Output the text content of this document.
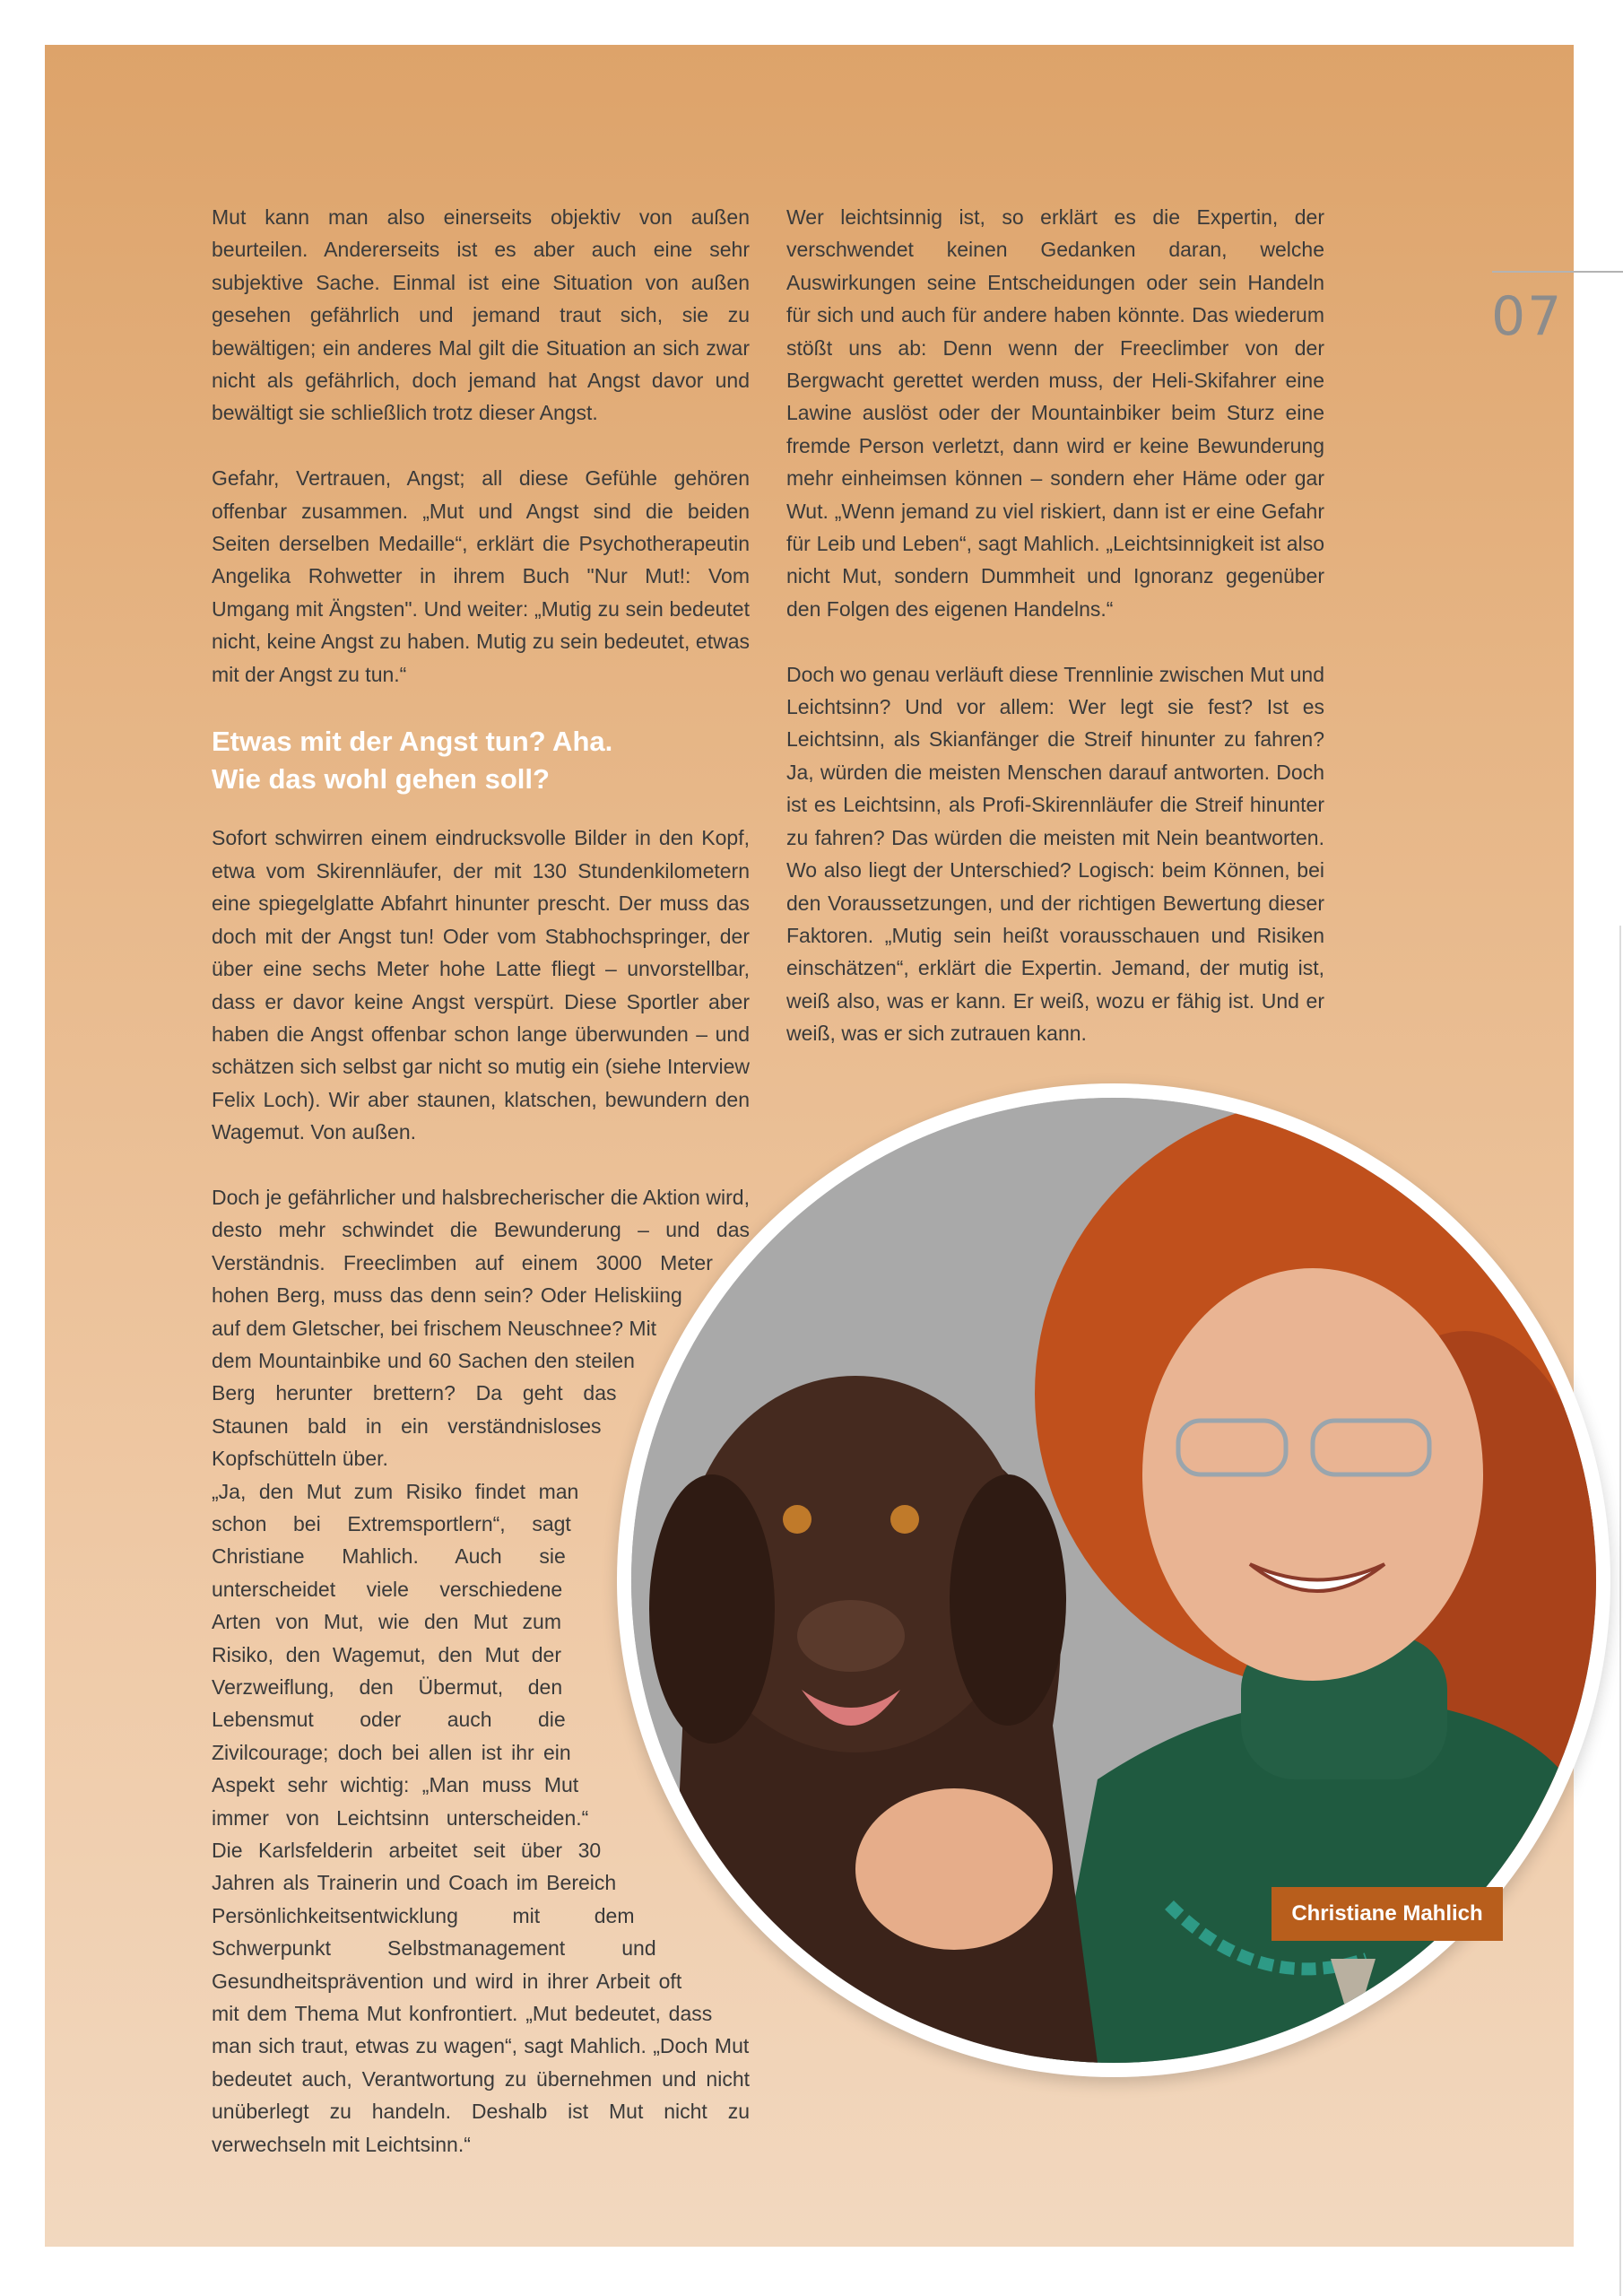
07
Christiane Mahlich

Mut kann man also einerseits objektiv von außen beurteilen. Andererseits ist es aber auch eine sehr subjektive Sache. Einmal ist eine Situation von außen gesehen gefährlich und jemand traut sich, sie zu bewältigen; ein anderes Mal gilt die Situation an sich zwar nicht als gefährlich, doch jemand hat Angst davor und bewältigt sie schließlich trotz dieser Angst.

Gefahr, Vertrauen, Angst; all diese Gefühle gehören offenbar zusammen. „Mut und Angst sind die beiden Seiten derselben Medaille“, erklärt die Psychotherapeutin Angelika Rohwetter in ihrem Buch "Nur Mut!: Vom Umgang mit Ängsten". Und weiter: „Mutig zu sein bedeutet nicht, keine Angst zu haben. Mutig zu sein bedeutet, etwas mit der Angst zu tun.“

Etwas mit der Angst tun? Aha.
Wie das wohl gehen soll?

Sofort schwirren einem eindrucksvolle Bilder in den Kopf, etwa vom Skirennläufer, der mit 130 Stundenkilometern eine spiegelglatte Abfahrt hinunter prescht. Der muss das doch mit der Angst tun! Oder vom Stabhochspringer, der über eine sechs Meter hohe Latte fliegt – unvorstellbar, dass er davor keine Angst verspürt. Diese Sportler aber haben die Angst offenbar schon lange überwunden – und schätzen sich selbst gar nicht so mutig ein (siehe Interview Felix Loch). Wir aber staunen, klatschen, bewundern den Wagemut. Von außen.

Doch je gefährlicher und halsbrecherischer die Aktion wird, desto mehr schwindet die Bewunderung – und das Verständnis. Freeclimben auf einem 3000 Meter hohen Berg, muss das denn sein? Oder Heliskiing auf dem Gletscher, bei frischem Neuschnee? Mit dem Mountainbike und 60 Sachen den steilen Berg herunter brettern? Da geht das Staunen bald in ein verständnisloses Kopfschütteln über.

„Ja, den Mut zum Risiko findet man schon bei Extremsportlern“, sagt Christiane Mahlich. Auch sie unterscheidet viele verschiedene Arten von Mut, wie den Mut zum Risiko, den Wagemut, den Mut der Verzweiflung, den Übermut, den Lebensmut oder auch die Zivilcourage; doch bei allen ist ihr ein Aspekt sehr wichtig: „Man muss Mut immer von Leichtsinn unterscheiden.“ Die Karlsfelderin arbeitet seit über 30 Jahren als Trainerin und Coach im Bereich Persönlichkeitsentwicklung mit dem Schwerpunkt Selbstmanagement und Gesundheitsprävention und wird in ihrer Arbeit oft mit dem Thema Mut konfrontiert. „Mut bedeutet, dass man sich traut, etwas zu wagen“, sagt Mahlich. „Doch Mut bedeutet auch, Verantwortung zu übernehmen und nicht unüberlegt zu handeln. Deshalb ist Mut nicht zu verwechseln mit Leichtsinn.“

Wer leichtsinnig ist, so erklärt es die Expertin, der verschwendet keinen Gedanken daran, welche Auswirkungen seine Entscheidungen oder sein Handeln für sich und auch für andere haben könnte. Das wiederum stößt uns ab: Denn wenn der Freeclimber von der Bergwacht gerettet werden muss, der Heli-Skifahrer eine Lawine auslöst oder der Mountainbiker beim Sturz eine fremde Person verletzt, dann wird er keine Bewunderung mehr einheimsen können – sondern eher Häme oder gar Wut. „Wenn jemand zu viel riskiert, dann ist er eine Gefahr für Leib und Leben“, sagt Mahlich. „Leichtsinnigkeit ist also nicht Mut, sondern Dummheit und Ignoranz gegenüber den Folgen des eigenen Handelns.“

Doch wo genau verläuft diese Trennlinie zwischen Mut und Leichtsinn? Und vor allem: Wer legt sie fest? Ist es Leichtsinn, als Skianfänger die Streif hinunter zu fahren? Ja, würden die meisten Menschen darauf antworten. Doch ist es Leichtsinn, als Profi-Skirennläufer die Streif hinunter zu fahren? Das würden die meisten mit Nein beantworten. Wo also liegt der Unterschied? Logisch: beim Können, bei den Voraussetzungen, und der richtigen Bewertung dieser Faktoren. „Mutig sein heißt vorausschauen und Risiken einschätzen“, erklärt die Expertin. Jemand, der mutig ist, weiß also, was er kann. Er weiß, wozu er fähig ist. Und er weiß, was er sich zutrauen kann.
